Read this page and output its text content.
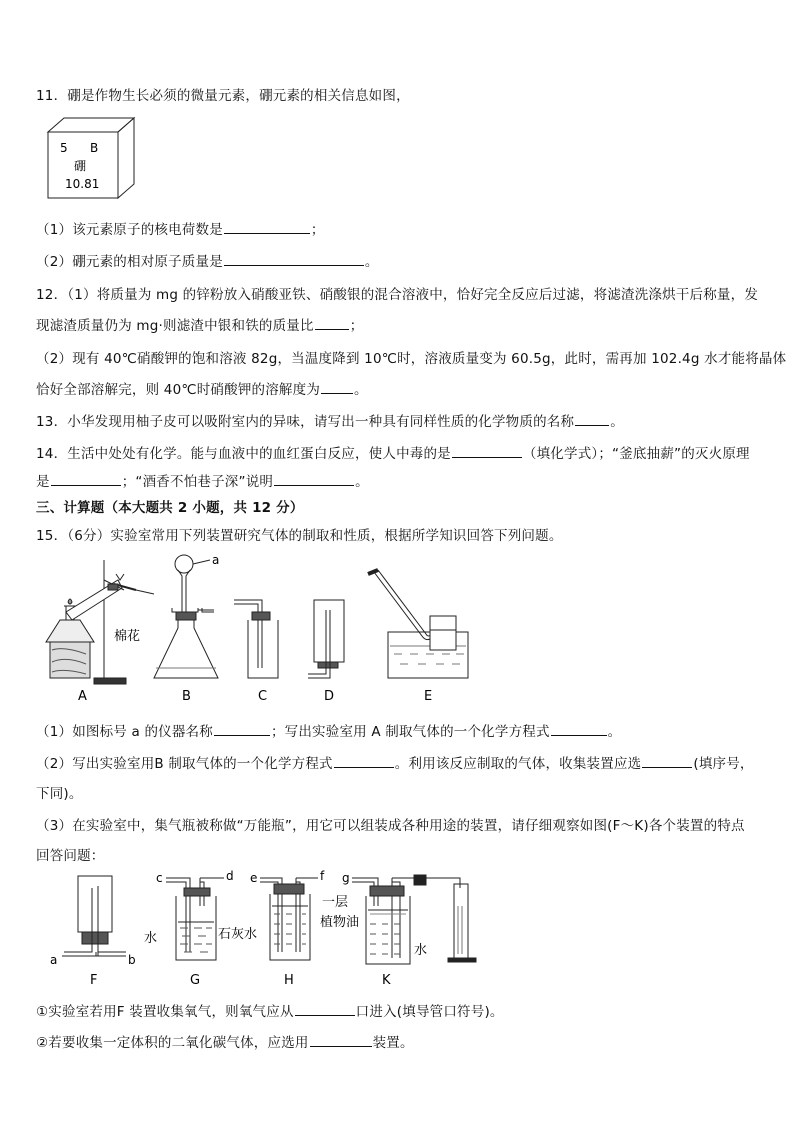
11．硼是作物生长必须的微量元素，硼元素的相关信息如图，
5 B
硼
10.81
（1）该元素原子的核电荷数是	；
（2）硼元素的相对原子质量是	。
12．（1）将质量为 mg 的锌粉放入硝酸亚铁、硝酸银的混合溶液中，恰好完全反应后过滤，将滤渣洗涤烘干后称量，发
现滤渣质量仍为 mg·则滤渣中银和铁的质量比	；
（2）现有 40℃硝酸钾的饱和溶液 82g，当温度降到 10℃时，溶液质量变为 60.5g，此时，需再加 102.4g 水才能将晶体
恰好全部溶解完，则 40℃时硝酸钾的溶解度为	。
13．小华发现用柚子皮可以吸附室内的异味，请写出一种具有同样性质的化学物质的名称	。
14．生活中处处有化学。能与血液中的血红蛋白反应，使人中毒的是	（填化学式）；“釜底抽薪”的灭火原理
是	；“酒香不怕巷子深”说明	。
三、计算题（本大题共 2 小题，共 12 分）
15．（6分）实验室常用下列装置研究气体的制取和性质，根据所学知识回答下列问题。
棉花
A
a
B	C	D	E
（1）如图标号 a 的仪器名称	；写出实验室用 A 制取气体的一个化学方程式	。
（2）写出实验室用B 制取气体的一个化学方程式	。利用该反应制取的气体，收集装置应选	(填序号，
下同)。
（3）在实验室中，集气瓶被称做“万能瓶”，用它可以组装成各种用途的装置，请仔细观察如图(F～K)各个装置的特点
回答问题：
a	b
F
c	d
水
G
e	f
石灰水
H
g
一层
植物油
水
K
①实验室若用F 装置收集氧气，则氧气应从	口进入(填导管口符号)。
②若要收集一定体积的二氧化碳气体，应选用	装置。
